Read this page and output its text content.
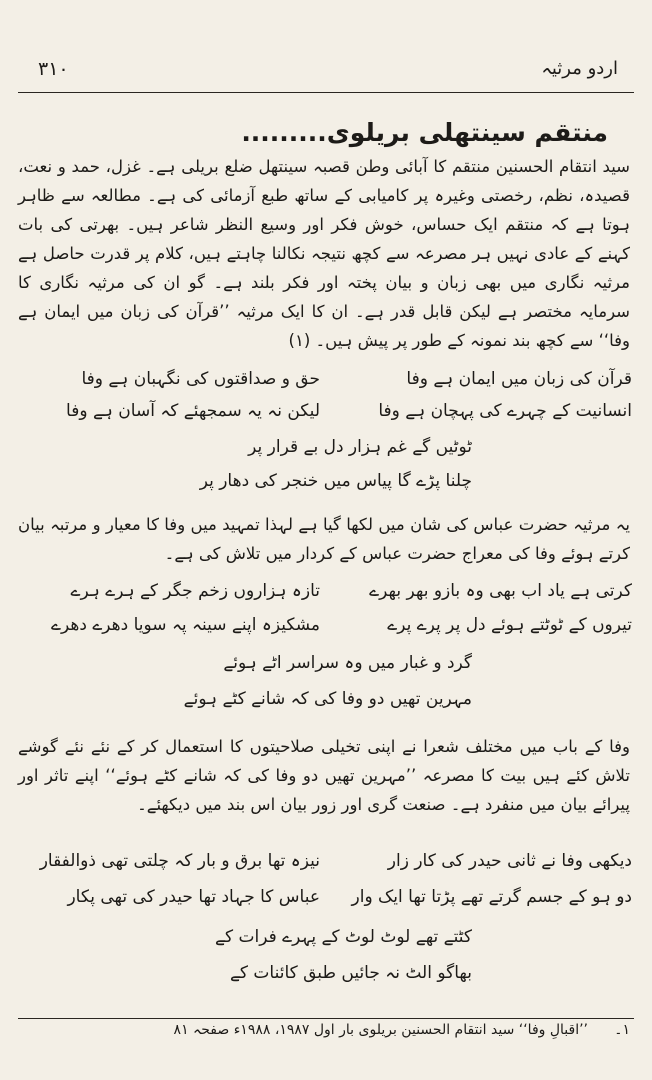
۳۱۰	اردو مرثیہ
منتقم سینتھلی بریلوی.........
سید انتقام الحسنین منتقم کا آبائی وطن قصبہ سینتھل ضلع بریلی ہے۔ غزل، حمد و نعت، قصیدہ، نظم، رخصتی وغیرہ پر کامیابی کے ساتھ طبع آزمائی کی ہے۔ مطالعہ سے ظاہر ہوتا ہے کہ منتقم ایک حساس، خوش فکر اور وسیع النظر شاعر ہیں۔ بھرتی کی بات کہنے کے عادی نہیں ہر مصرعہ سے کچھ نتیجہ نکالنا چاہتے ہیں، کلام پر قدرت حاصل ہے مرثیہ نگاری میں بھی زبان و بیان پختہ اور فکر بلند ہے۔ گو ان کی مرثیہ نگاری کا سرمایہ مختصر ہے لیکن قابل قدر ہے۔ ان کا ایک مرثیہ ’’قرآن کی زبان میں ایمان ہے وفا‘‘ سے کچھ بند نمونہ کے طور پر پیش ہیں۔ (۱)
قرآن کی زبان میں ایمان ہے وفا
حق و صداقتوں کی نگہبان ہے وفا
انسانیت کے چہرے کی پہچان ہے وفا
لیکن نہ یہ سمجھئے کہ آسان ہے وفا
ٹوٹیں گے غم ہزار دل بے قرار پر
چلنا پڑے گا پیاس میں خنجر کی دھار پر
یہ مرثیہ حضرت عباس کی شان میں لکھا گیا ہے لہذا تمہید میں وفا کا معیار و مرتبہ بیان کرتے ہوئے وفا کی معراج حضرت عباس کے کردار میں تلاش کی ہے۔
کرتی ہے یاد اب بھی وہ بازو بھر بھرے
تازہ ہزاروں زخم جگر کے ہرے ہرے
تیروں کے ٹوٹتے ہوئے دل پر پرے پرے
مشکیزہ اپنے سینہ پہ سویا دھرے دھرے
گرد و غبار میں وہ سراسر اٹے ہوئے
مہرین تھیں دو وفا کی کہ شانے کٹے ہوئے
وفا کے باب میں مختلف شعرا نے اپنی تخیلی صلاحیتوں کا استعمال کر کے نئے نئے گوشے تلاش کئے ہیں بیت کا مصرعہ ’’مہرین تھیں دو وفا کی کہ شانے کٹے ہوئے‘‘ اپنے تاثر اور پیرائے بیان میں منفرد ہے۔ صنعت گری اور زور بیان اس بند میں دیکھئے۔
دیکھی وفا نے ثانی حیدر کی کار زار
نیزہ تھا برق و بار کہ چلتی تھی ذوالفقار
دو ہو کے جسم گرتے تھے پڑتا تھا ایک وار
عباس کا جہاد تھا حیدر کی تھی پکار
کٹتے تھے لوٹ لوٹ کے پہرے فرات کے
بھاگو الٹ نہ جائیں طبق کائنات کے
۱۔
’’اقبالِ وفا‘‘ سید انتقام الحسنین بریلوی بار اول ۱۹۸۷، ۱۹۸۸ء صفحہ ۸۱
